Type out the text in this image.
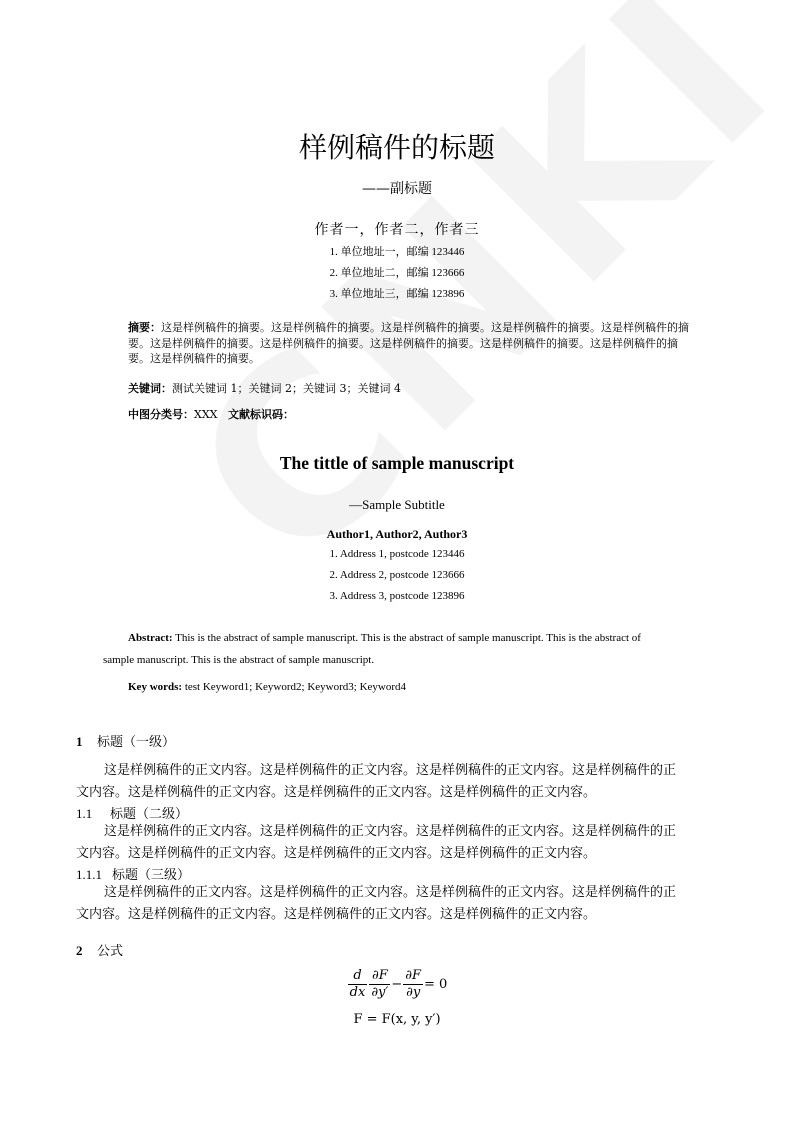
样例稿件的标题
——副标题
作者一，作者二，作者三
1. 单位地址一，邮编 123446
2. 单位地址二，邮编 123666
3. 单位地址三，邮编 123896
摘要：这是样例稿件的摘要。这是样例稿件的摘要。这是样例稿件的摘要。这是样例稿件的摘要。这是样例稿件的摘要。这是样例稿件的摘要。这是样例稿件的摘要。这是样例稿件的摘要。这是样例稿件的摘要。这是样例稿件的摘要。这是样例稿件的摘要。
关键词：测试关键词 1；关键词 2；关键词 3；关键词 4
中图分类号：XXX 文献标识码：
The tittle of sample manuscript
—Sample Subtitle
Author1, Author2, Author3
1. Address 1, postcode 123446
2. Address 2, postcode 123666
3. Address 3, postcode 123896
Abstract: This is the abstract of sample manuscript. This is the abstract of sample manuscript. This is the abstract of
sample manuscript. This is the abstract of sample manuscript.
Key words: test Keyword1; Keyword2; Keyword3; Keyword4
1 标题（一级）
这是样例稿件的正文内容。这是样例稿件的正文内容。这是样例稿件的正文内容。这是样例稿件的正
文内容。这是样例稿件的正文内容。这是样例稿件的正文内容。这是样例稿件的正文内容。
1.1 标题（二级）
这是样例稿件的正文内容。这是样例稿件的正文内容。这是样例稿件的正文内容。这是样例稿件的正
文内容。这是样例稿件的正文内容。这是样例稿件的正文内容。这是样例稿件的正文内容。
1.1.1 标题（三级）
这是样例稿件的正文内容。这是样例稿件的正文内容。这是样例稿件的正文内容。这是样例稿件的正
文内容。这是样例稿件的正文内容。这是样例稿件的正文内容。这是样例稿件的正文内容。
2 公式
$\frac{d}{dx} \frac{\partial F}{\partial y'} - \frac{\partial F}{\partial y} = 0$
F = F(x, y, y′)
